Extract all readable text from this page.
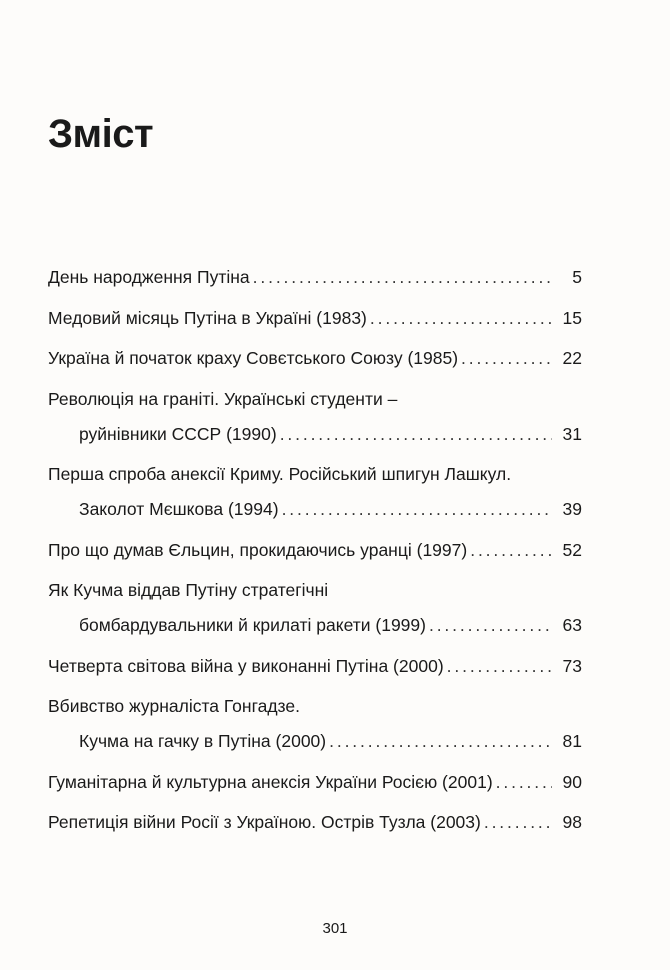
Зміст
День народження Путіна . . .	5
Медовий місяць Путіна в Україні (1983) . . .	15
Україна й початок краху Совєтського Союзу (1985) . . .	22
Революція на граніті. Українські студенти –
руйнівники СССР (1990) . . .	31
Перша спроба анексії Криму. Російський шпигун Лашкул.
Заколот Мєшкова (1994) . . .	39
Про що думав Єльцин, прокидаючись уранці (1997) . . .	52
Як Кучма віддав Путіну стратегічні
бомбардувальники й крилаті ракети (1999) . . .	63
Четверта світова війна у виконанні Путіна (2000) . . .	73
Вбивство журналіста Гонгадзе.
Кучма на гачку в Путіна (2000) . . .	81
Гуманітарна й культурна анексія України Росією (2001) . . .	90
Репетиція війни Росії з Україною. Острів Тузла (2003) . . .	98
301
